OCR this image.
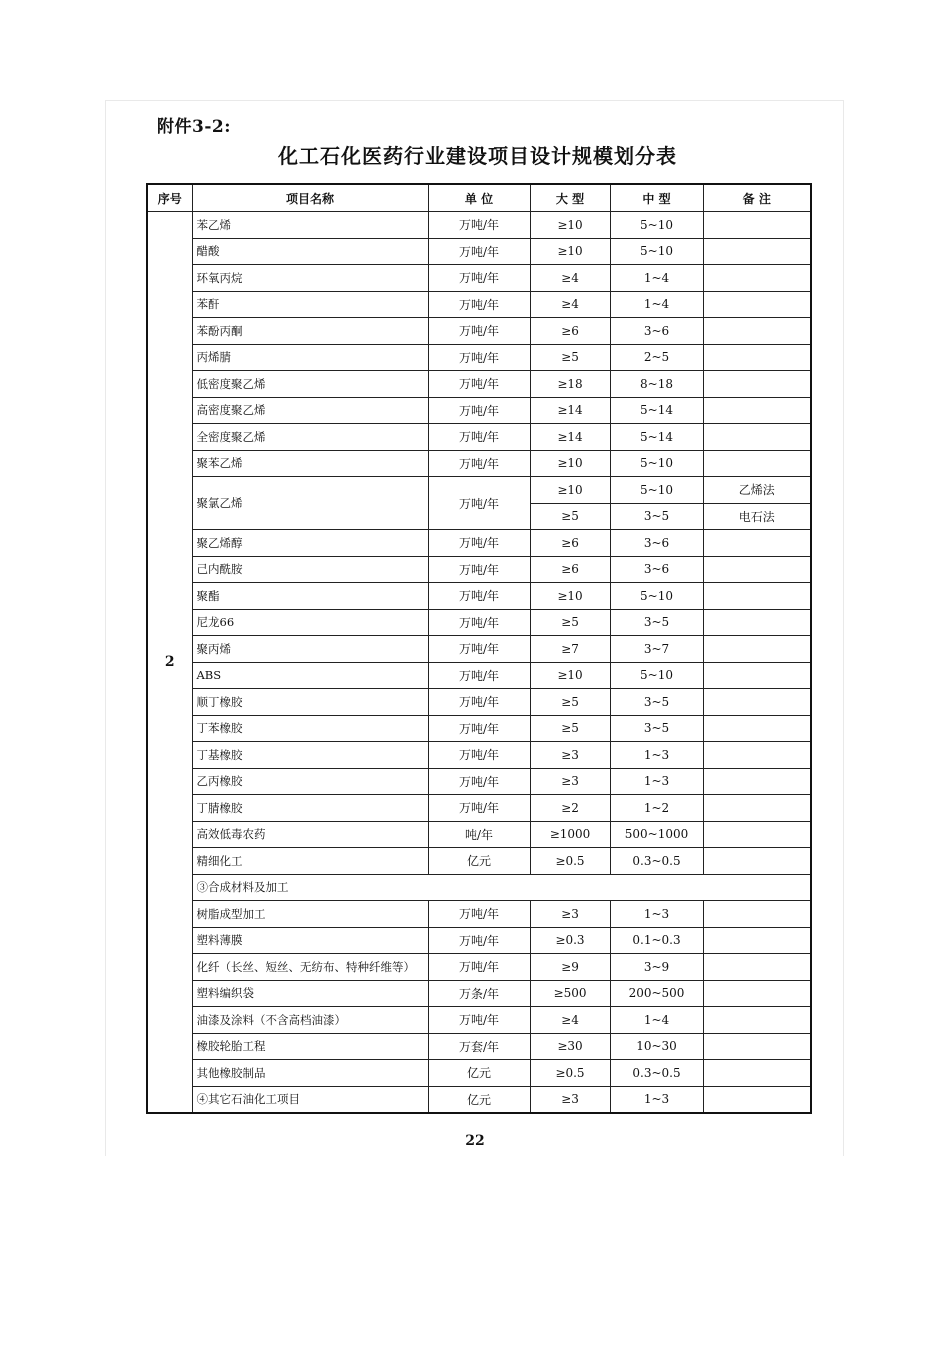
附件3-2:
化工石化医药行业建设项目设计规模划分表
序号	项目名称	单 位	大 型	中 型	备 注
2	苯乙烯	万吨/年	≥10	5~10	
	醋酸	万吨/年	≥10	5~10	
	环氧丙烷	万吨/年	≥4	1~4	
	苯酐	万吨/年	≥4	1~4	
	苯酚丙酮	万吨/年	≥6	3~6	
	丙烯腈	万吨/年	≥5	2~5	
	低密度聚乙烯	万吨/年	≥18	8~18	
	高密度聚乙烯	万吨/年	≥14	5~14	
	全密度聚乙烯	万吨/年	≥14	5~14	
	聚苯乙烯	万吨/年	≥10	5~10	
	聚氯乙烯	万吨/年	≥10	5~10	乙烯法
			≥5	3~5	电石法
	聚乙烯醇	万吨/年	≥6	3~6	
	己内酰胺	万吨/年	≥6	3~6	
	聚酯	万吨/年	≥10	5~10	
	尼龙66	万吨/年	≥5	3~5	
	聚丙烯	万吨/年	≥7	3~7	
	ABS	万吨/年	≥10	5~10	
	顺丁橡胶	万吨/年	≥5	3~5	
	丁苯橡胶	万吨/年	≥5	3~5	
	丁基橡胶	万吨/年	≥3	1~3	
	乙丙橡胶	万吨/年	≥3	1~3	
	丁腈橡胶	万吨/年	≥2	1~2	
	高效低毒农药	吨/年	≥1000	500~1000	
	精细化工	亿元	≥0.5	0.3~0.5	
	③合成材料及加工				
	树脂成型加工	万吨/年	≥3	1~3	
	塑料薄膜	万吨/年	≥0.3	0.1~0.3	
	化纤（长丝、短丝、无纺布、特种纤维等）	万吨/年	≥9	3~9	
	塑料编织袋	万条/年	≥500	200~500	
	油漆及涂料（不含高档油漆）	万吨/年	≥4	1~4	
	橡胶轮胎工程	万套/年	≥30	10~30	
	其他橡胶制品	亿元	≥0.5	0.3~0.5	
	④其它石油化工项目	亿元	≥3	1~3	
22
